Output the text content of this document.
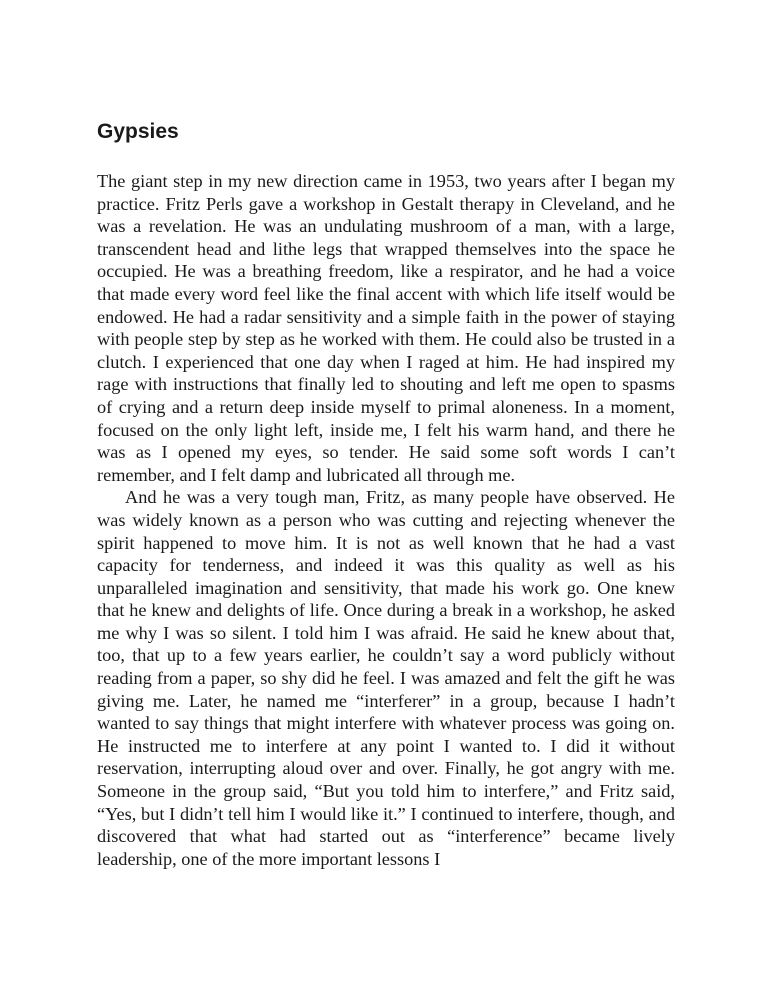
Gypsies

The giant step in my new direction came in 1953, two years after I began my practice. Fritz Perls gave a workshop in Gestalt therapy in Cleveland, and he was a revelation. He was an undulating mushroom of a man, with a large, transcendent head and lithe legs that wrapped themselves into the space he occupied. He was a breathing freedom, like a respirator, and he had a voice that made every word feel like the final accent with which life itself would be endowed. He had a radar sensitivity and a simple faith in the power of staying with people step by step as he worked with them. He could also be trusted in a clutch. I experienced that one day when I raged at him. He had inspired my rage with instructions that finally led to shouting and left me open to spasms of crying and a return deep inside myself to primal aloneness. In a moment, focused on the only light left, inside me, I felt his warm hand, and there he was as I opened my eyes, so tender. He said some soft words I can’t remember, and I felt damp and lubricated all through me.

And he was a very tough man, Fritz, as many people have observed. He was widely known as a person who was cutting and rejecting whenever the spirit happened to move him. It is not as well known that he had a vast capacity for tenderness, and indeed it was this quality as well as his unparalleled imagination and sensitivity, that made his work go. One knew that he knew and delights of life. Once during a break in a workshop, he asked me why I was so silent. I told him I was afraid. He said he knew about that, too, that up to a few years earlier, he couldn’t say a word publicly without reading from a paper, so shy did he feel. I was amazed and felt the gift he was giving me. Later, he named me “interferer” in a group, because I hadn’t wanted to say things that might interfere with whatever process was going on. He instructed me to interfere at any point I wanted to. I did it without reservation, interrupting aloud over and over. Finally, he got angry with me. Someone in the group said, “But you told him to interfere,” and Fritz said, “Yes, but I didn’t tell him I would like it.” I continued to interfere, though, and discovered that what had started out as “interference” became lively leadership, one of the more important lessons I
